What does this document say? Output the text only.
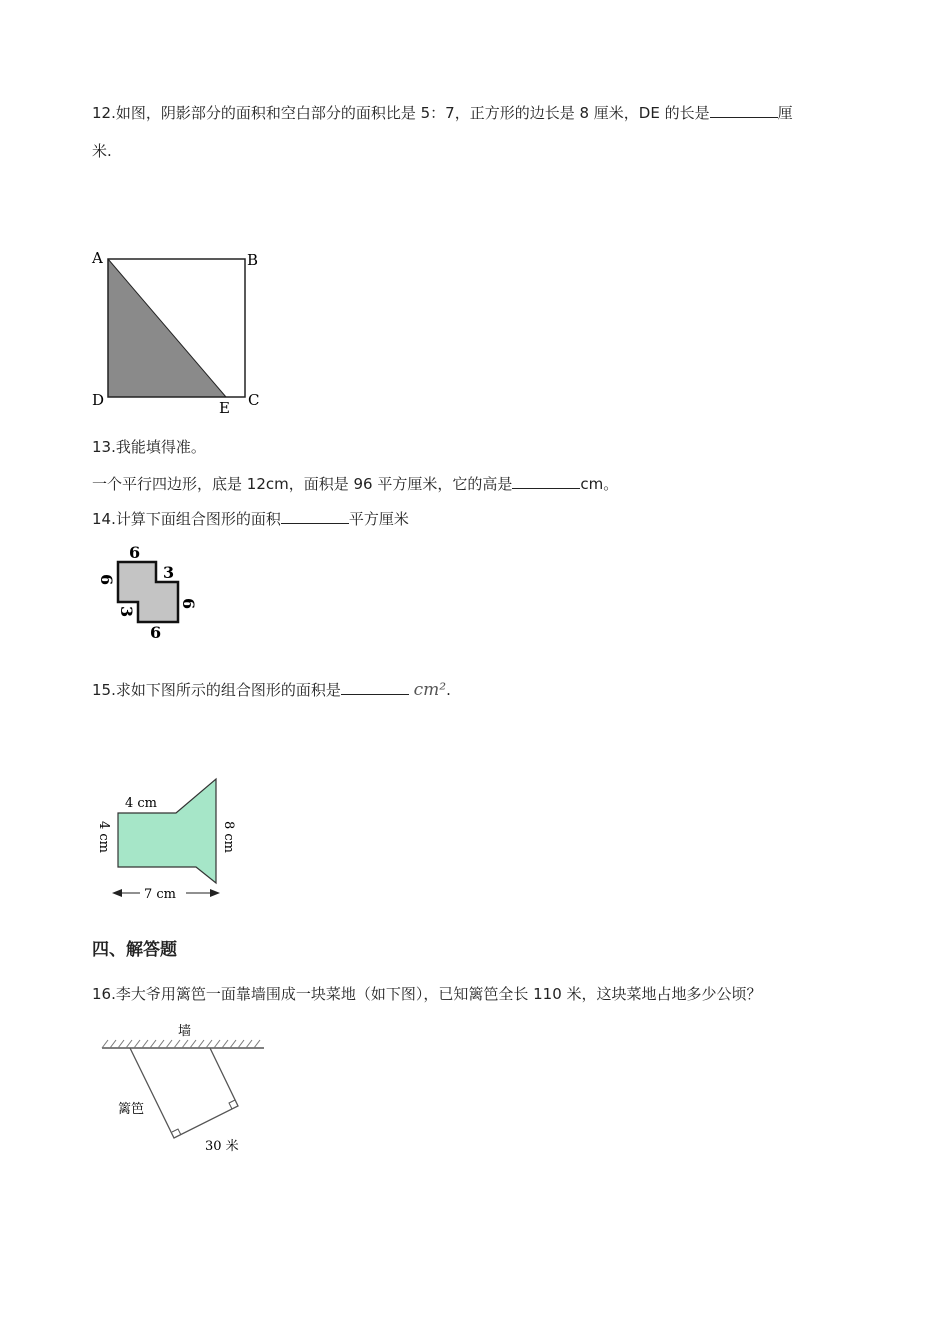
12.如图，阴影部分的面积和空白部分的面积比是 5：7，正方形的边长是 8 厘米，DE 的长是	厘
米.
A	B
C
D	E
13.我能填得准。
一个平行四边形，底是 12cm，面积是 96 平方厘米，它的高是	cm。
14.计算下面组合图形的面积	平方厘米
6
3
6
3
6
6
15.求如下图所示的组合图形的面积是	cm².
4 cm
4 cm	8 cm
7 cm
四、解答题
16.李大爷用篱笆一面靠墙围成一块菜地（如下图），已知篱笆全长 110 米，这块菜地占地多少公顷？
墙
篱笆
30 米
